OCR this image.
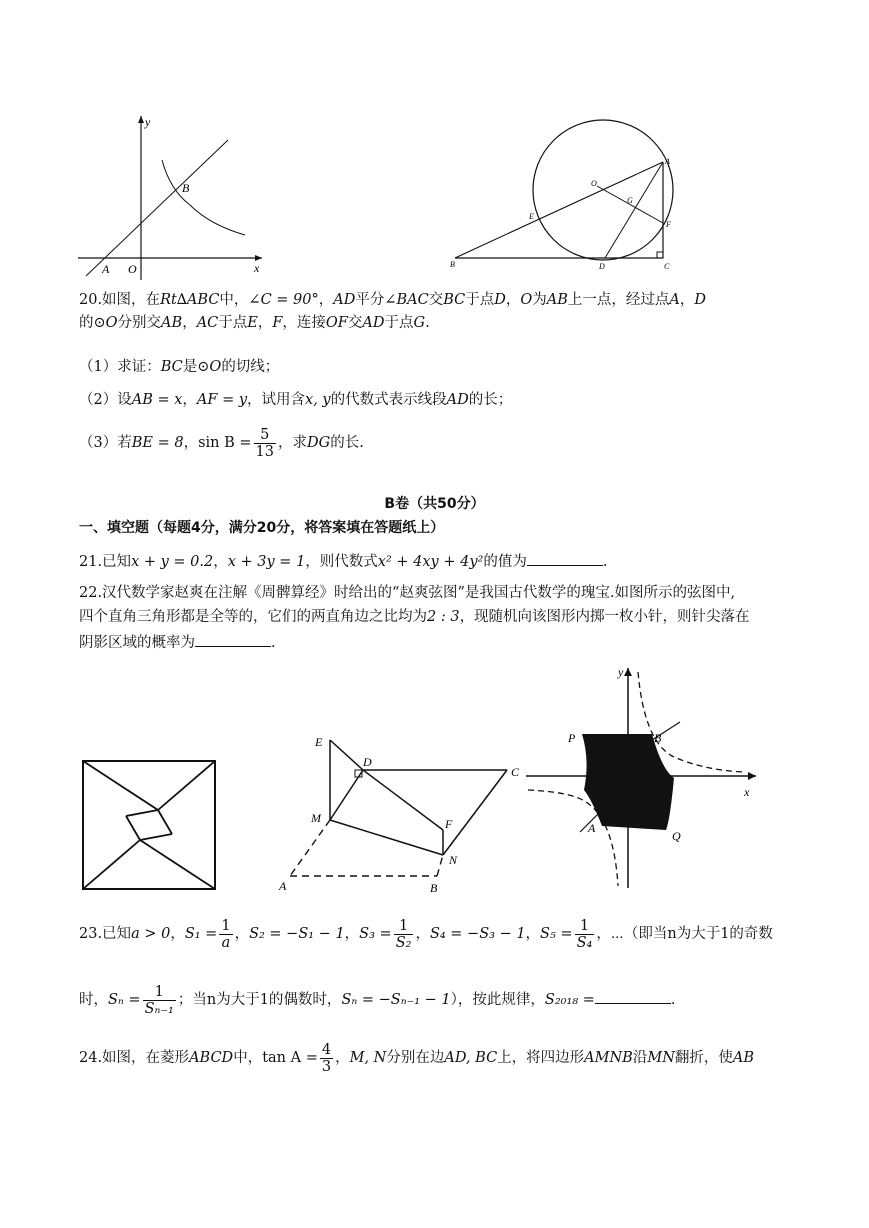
y
x
B
A O
A
O
G
E
F
B	D	C
20.如图，在Rt∆ABC中，∠C = 90°，AD平分∠BAC交BC于点D，O为AB上一点，经过点A，D
的⊙O分别交AB，AC于点E，F，连接OF交AD于点G.
（1）求证：BC是⊙O的切线；
（2）设AB = x，AF = y，试用含x, y的代数式表示线段AD的长；
（3）若BE = 8，$\sin B = \frac{5}{13}$ ，求DG的长.
B卷（共50分）
一、填空题（每题4分，满分20分，将答案填在答题纸上）
21.已知x + y = 0.2，x + 3y = 1，则代数式x² + 4xy + 4y²的值为	.
22.汉代数学家赵爽在注解《周髀算经》时给出的“赵爽弦图”是我国古代数学的瑰宝.如图所示的弦图中,
四个直角三角形都是全等的，它们的两直角边之比均为2 : 3，现随机向该图形内掷一枚小针，则针尖落在
阴影区域的概率为	.
E
D
C
M	F
N
A	B
y
x
P	B
A
Q
23.已知a > 0，$S_1 = \frac{1}{a}$ ，S₂ = −S₁ − 1，$S_3 = \frac{1}{\text{S₂}}$ ，S₄ = −S₃ − 1，$S_5 = \frac{1}{\text{S₄}}$ ，⋯（即当n为大于1的奇数
时，$S_n = \frac{1}{\text{Sₙ₋₁}}$ ；当n为大于1的偶数时，Sₙ = −Sₙ₋₁ − 1），按此规律，S₂₀₁₈ =	.
24.如图，在菱形ABCD中，$\tan A = \frac{4}{3}$ ，M, N分别在边AD, BC上，将四边形AMNB沿MN翻折，使AB
